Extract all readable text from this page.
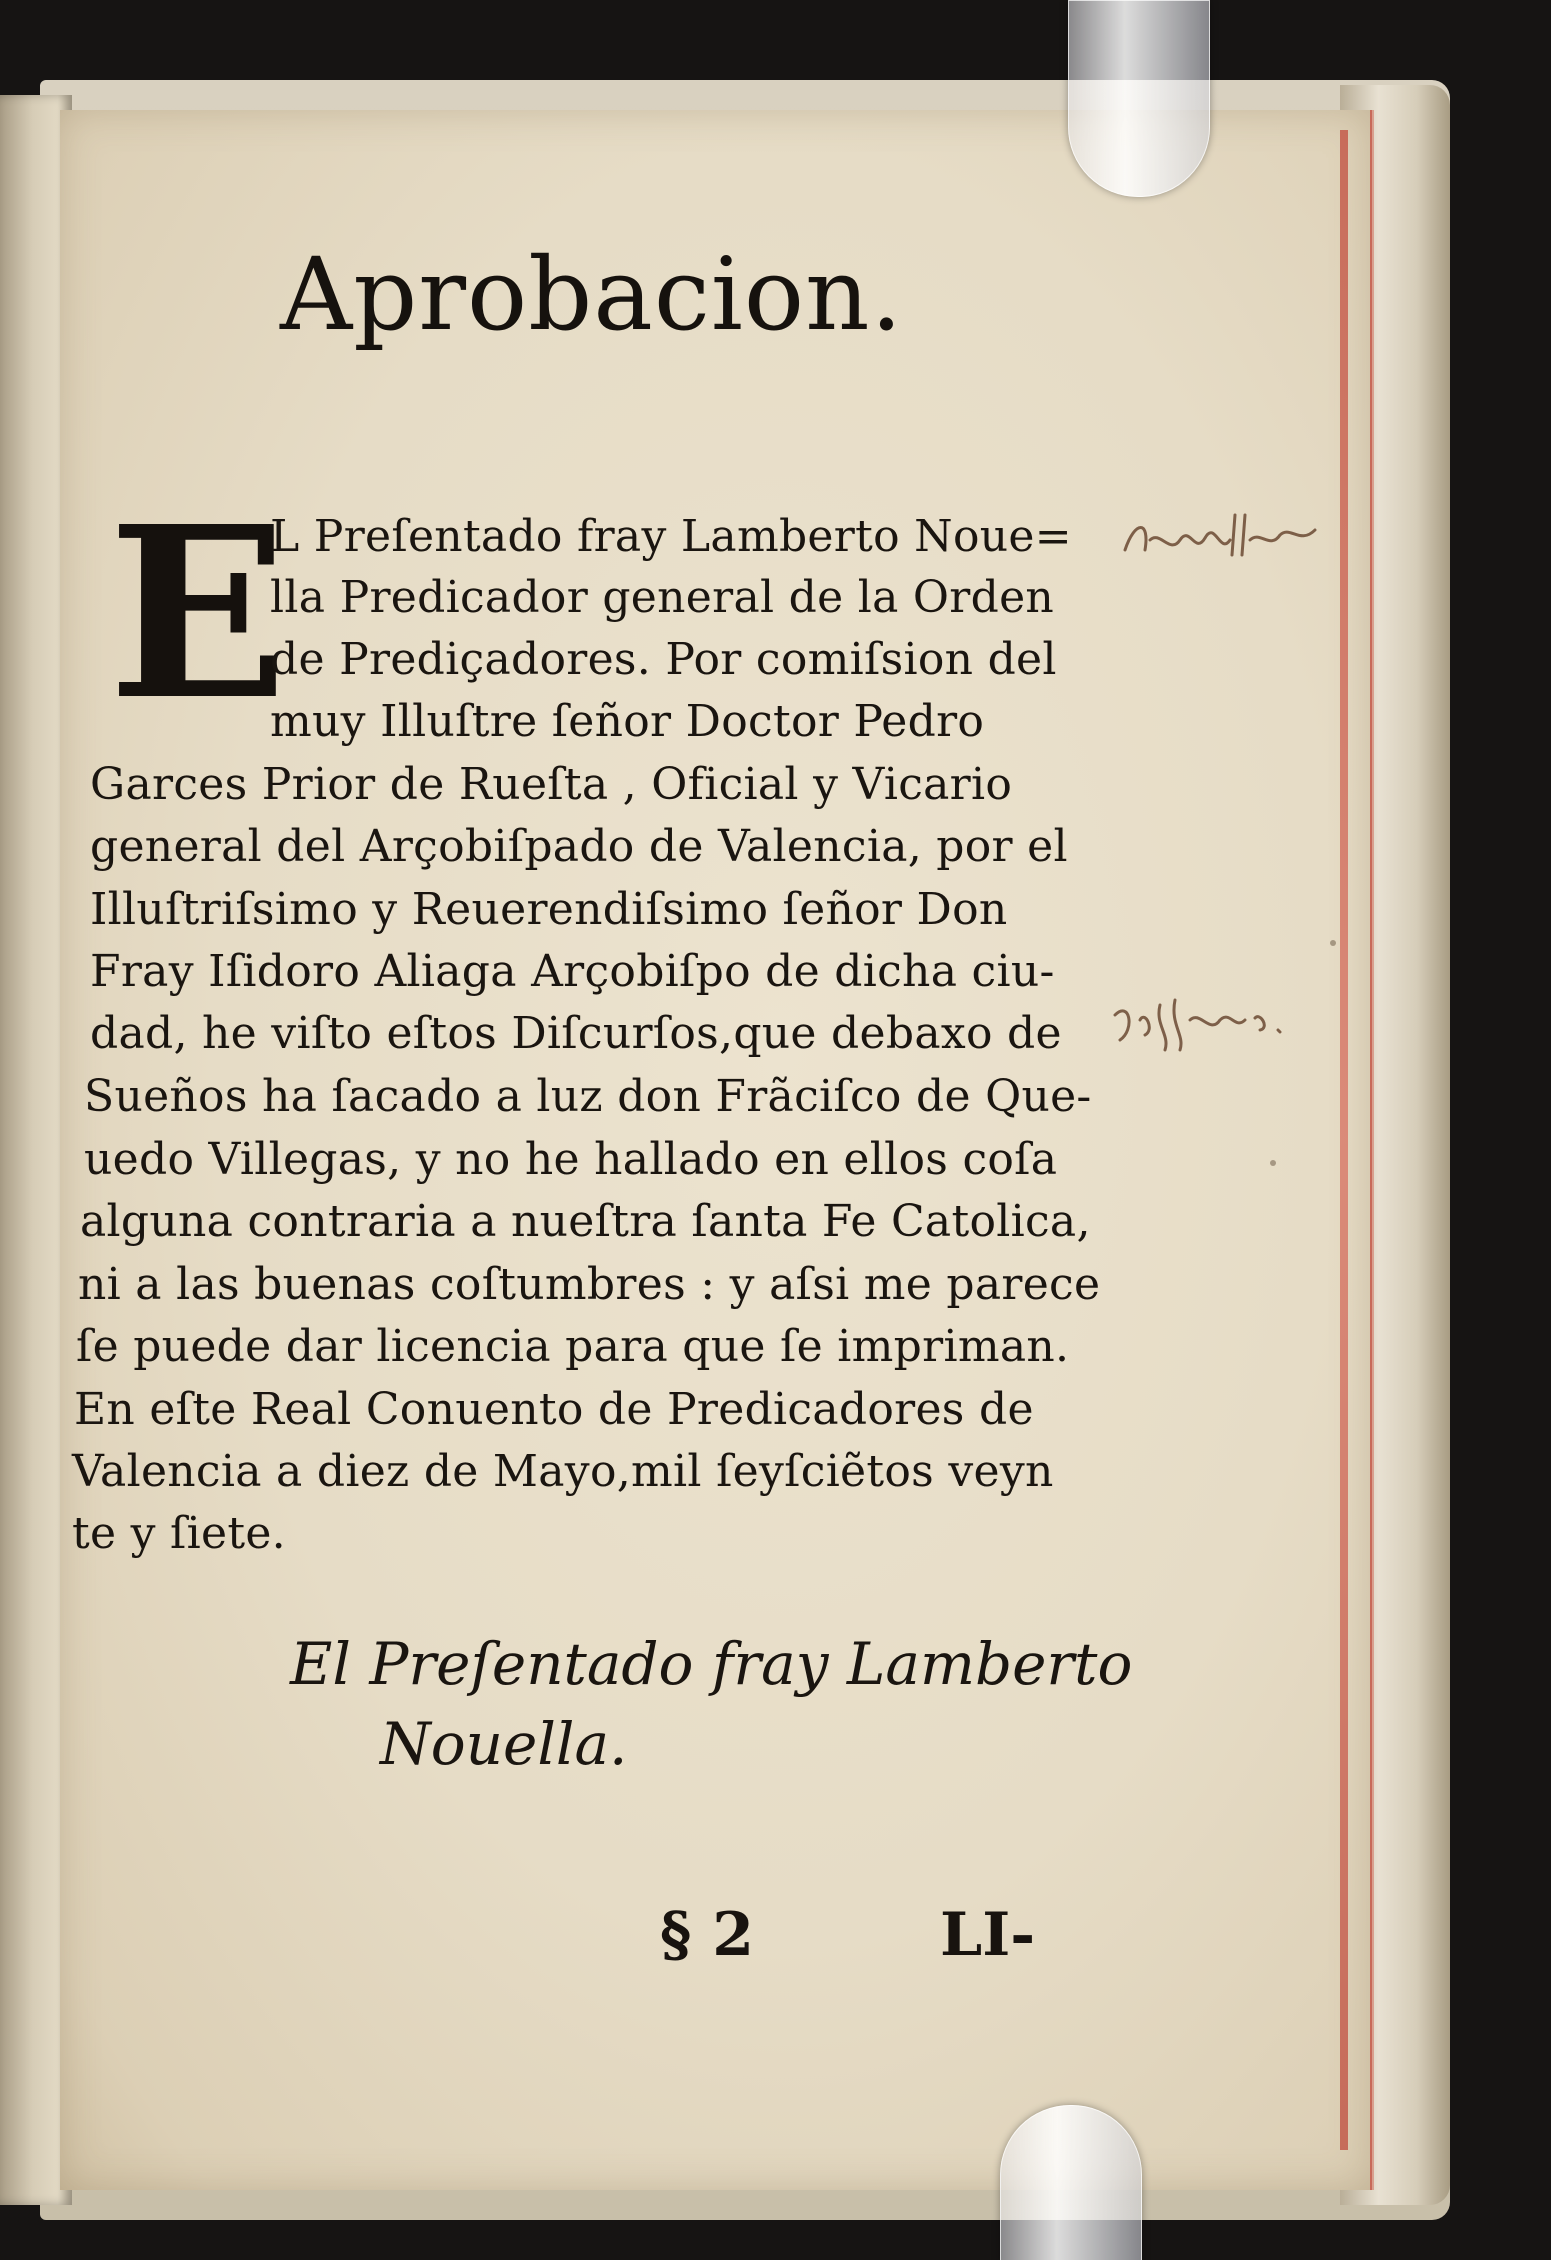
Aprobacion.
E
L Preſentado fray Lamberto Noue=
lla Predicador general de la Orden
de Prediçadores. Por comiſsion del
muy Illuſtre ſeñor Doctor Pedro
Garces Prior de Rueſta , Oficial y Vicario
general del Arçobiſpado de Valencia, por el
Illuſtriſsimo y Reuerendiſsimo ſeñor Don
Fray Iſidoro Aliaga Arçobiſpo de dicha ciu-
dad, he viſto eſtos Diſcurſos,que debaxo de
Sueños ha ſacado a luz don Frãciſco de Que-
uedo Villegas, y no he hallado en ellos coſa
alguna contraria a nueſtra ſanta Fe Catolica,
ni a las buenas coſtumbres : y aſsi me parece
ſe puede dar licencia para que ſe impriman.
En eſte Real Conuento de Predicadores de
Valencia a diez de Mayo,mil ſeyſciẽtos veyn
te y ſiete.
El Preſentado fray Lamberto
Nouella.
§ 2	LI-
